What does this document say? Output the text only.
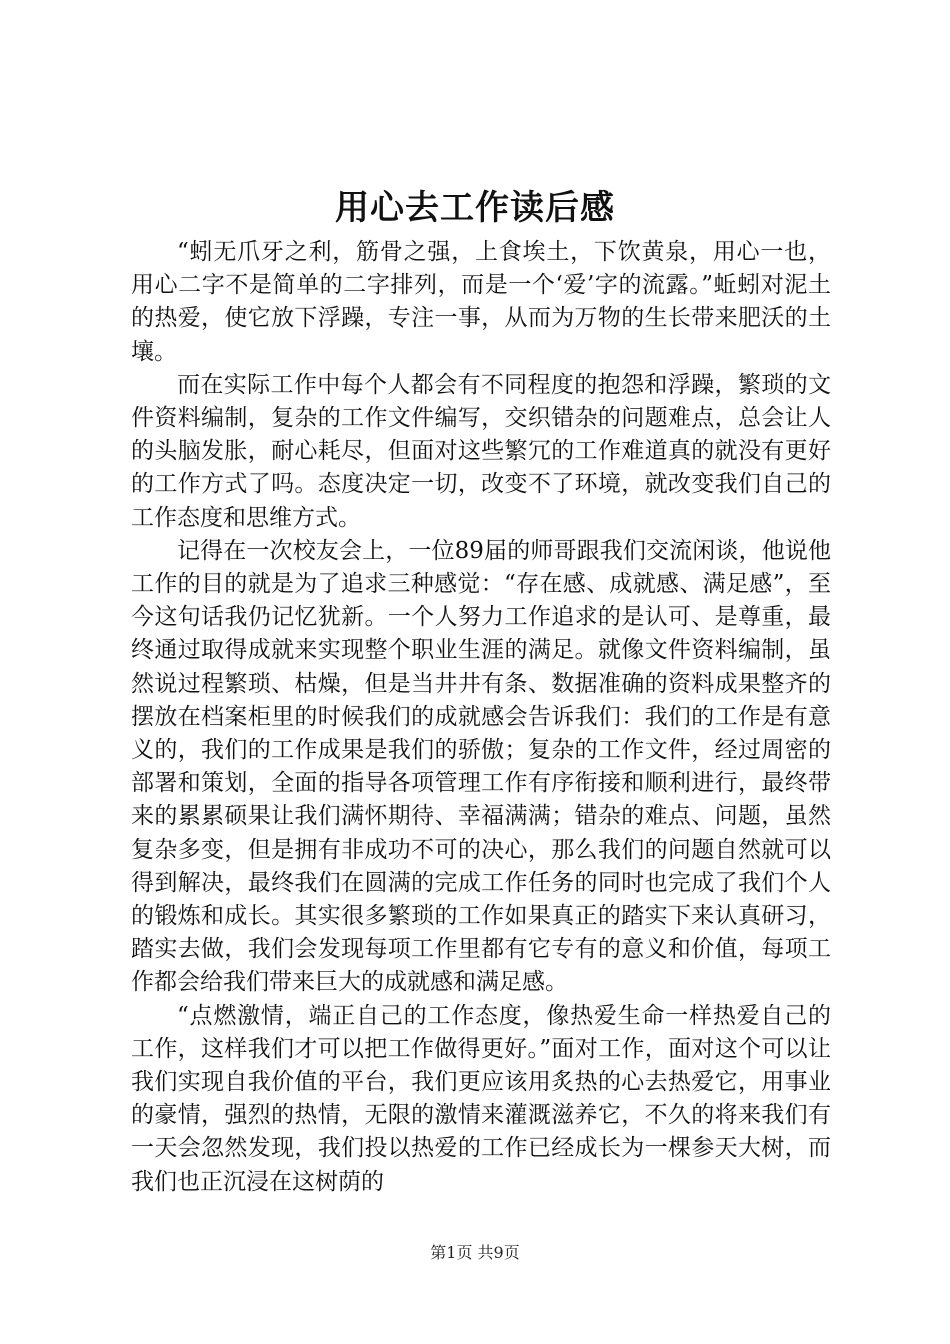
用心去工作读后感

“蚓无爪牙之利，筋骨之强，上食埃土，下饮黄泉，用心一也，用心二字不是简单的二字排列，而是一个‘爱’字的流露。”蚯蚓对泥土的热爱，使它放下浮躁，专注一事，从而为万物的生长带来肥沃的土壤。

而在实际工作中每个人都会有不同程度的抱怨和浮躁，繁琐的文件资料编制，复杂的工作文件编写，交织错杂的问题难点，总会让人的头脑发胀，耐心耗尽，但面对这些繁冗的工作难道真的就没有更好的工作方式了吗。态度决定一切，改变不了环境，就改变我们自己的工作态度和思维方式。

记得在一次校友会上，一位89届的师哥跟我们交流闲谈，他说他工作的目的就是为了追求三种感觉：“存在感、成就感、满足感”，至今这句话我仍记忆犹新。一个人努力工作追求的是认可、是尊重，最终通过取得成就来实现整个职业生涯的满足。就像文件资料编制，虽然说过程繁琐、枯燥，但是当井井有条、数据准确的资料成果整齐的摆放在档案柜里的时候我们的成就感会告诉我们：我们的工作是有意义的，我们的工作成果是我们的骄傲；复杂的工作文件，经过周密的部署和策划，全面的指导各项管理工作有序衔接和顺利进行，最终带来的累累硕果让我们满怀期待、幸福满满；错杂的难点、问题，虽然复杂多变，但是拥有非成功不可的决心，那么我们的问题自然就可以得到解决，最终我们在圆满的完成工作任务的同时也完成了我们个人的锻炼和成长。其实很多繁琐的工作如果真正的踏实下来认真研习，踏实去做，我们会发现每项工作里都有它专有的意义和价值，每项工作都会给我们带来巨大的成就感和满足感。

“点燃激情，端正自己的工作态度，像热爱生命一样热爱自己的工作，这样我们才可以把工作做得更好。”面对工作，面对这个可以让我们实现自我价值的平台，我们更应该用炙热的心去热爱它，用事业的豪情，强烈的热情，无限的激情来灌溉滋养它，不久的将来我们有一天会忽然发现，我们投以热爱的工作已经成长为一棵参天大树，而我们也正沉浸在这树荫的

第1页 共9页
